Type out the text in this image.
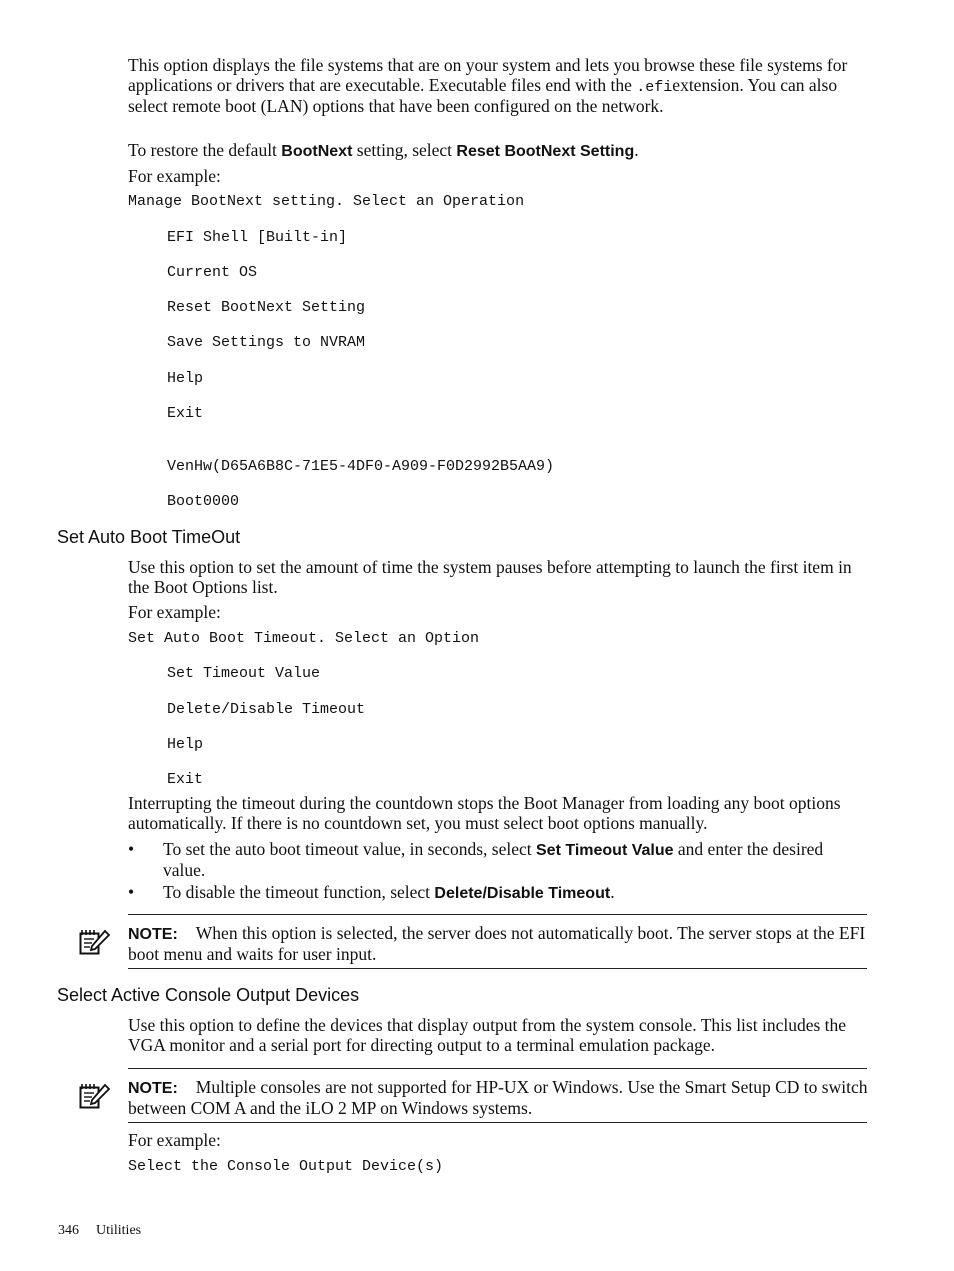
This option displays the file systems that are on your system and lets you browse these file systems for applications or drivers that are executable. Executable files end with the .efiextension. You can also select remote boot (LAN) options that have been configured on the network.
To restore the default BootNext setting, select Reset BootNext Setting.
For example:
Manage BootNext setting. Select an Operation
EFI Shell [Built-in]
Current OS
Reset BootNext Setting
Save Settings to NVRAM
Help
Exit
VenHw(D65A6B8C-71E5-4DF0-A909-F0D2992B5AA9)
Boot0000
Set Auto Boot TimeOut
Use this option to set the amount of time the system pauses before attempting to launch the first item in the Boot Options list.
For example:
Set Auto Boot Timeout. Select an Option
Set Timeout Value
Delete/Disable Timeout
Help
Exit
Interrupting the timeout during the countdown stops the Boot Manager from loading any boot options automatically. If there is no countdown set, you must select boot options manually.
• To set the auto boot timeout value, in seconds, select Set Timeout Value and enter the desired value.
• To disable the timeout function, select Delete/Disable Timeout.
NOTE: When this option is selected, the server does not automatically boot. The server stops at the EFI boot menu and waits for user input.
Select Active Console Output Devices
Use this option to define the devices that display output from the system console. This list includes the VGA monitor and a serial port for directing output to a terminal emulation package.
NOTE: Multiple consoles are not supported for HP-UX or Windows. Use the Smart Setup CD to switch between COM A and the iLO 2 MP on Windows systems.
For example:
Select the Console Output Device(s)
346 Utilities
